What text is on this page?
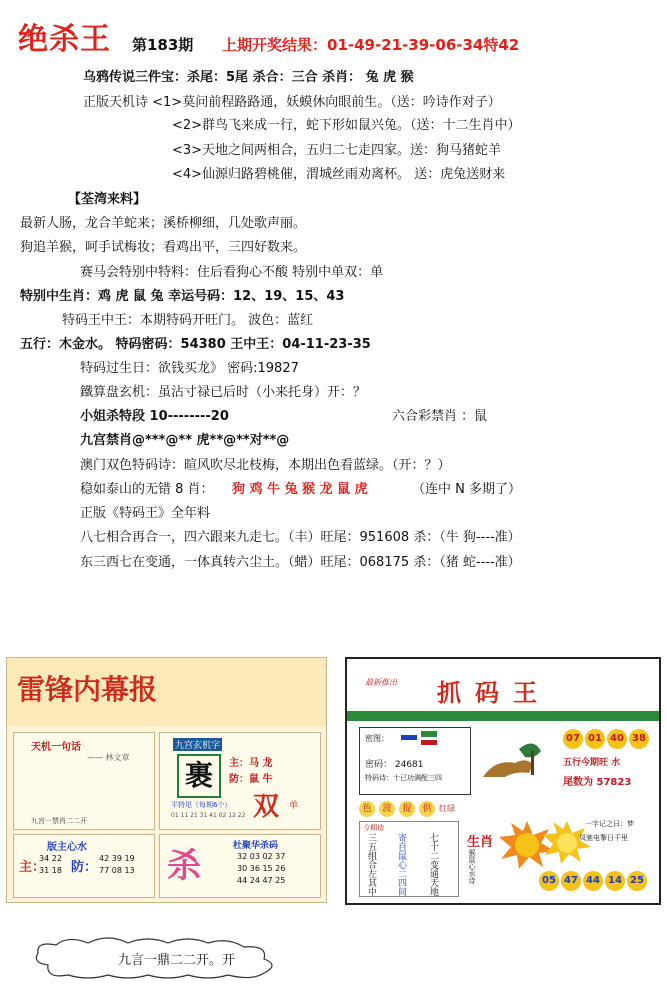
绝杀王 第183期 上期开奖结果：01-49-21-39-06-34特42
乌鸦传说三件宝：杀尾：5尾 杀合：三合 杀肖： 兔 虎 猴
正版天机诗 <1>莫问前程路路通，妖蟆休向眼前生。（送：吟诗作对子）
<2>群鸟飞来成一行，蛇下形如鼠兴兔。（送：十二生肖中）
<3>天地之间两相合，五归二七走四家。送：狗马猪蛇羊
<4>仙源归路碧桃催，渭城丝雨劝离杯。 送：虎兔送财来
【荃湾来料】
最新人肠，龙合羊蛇来；溪桥柳细，几处歌声丽。
狗追羊猴，呵手试梅妆；看鸡出平，三四好数来。
赛马会特别中特料：住后看狗心不酸 特别中单双：单
特别中生肖：鸡 虎 鼠 兔 幸运号码：12、19、15、43
特码王中王：本期特码开旺门。 波色：蓝红
五行：木金水。 特码密码：54380 王中王：04-11-23-35
特码过生日：欲钱买龙》 密码:19827
鐵算盘玄机：虽沾寸禄已后时（小来托身）开：？
小姐杀特段 10--------20	六合彩禁肖 ：鼠
九宫禁肖@***@** 虎**@**对**@
澳门双色特码诗：暄风吹尽北枝梅，本期出色看蓝绿。（开：？）
稳如泰山的无错 8 肖： 狗 鸡 牛 兔 猴 龙 鼠 虎	（连中 N 多期了）
正版《特码王》全年料
八七相合再合一，四六跟来九走七。（丰）旺尾：951608 杀：（牛 狗----准）
东三西七在变通，一体真转六尘土。（蜡）旺尾：068175 杀：（猪 蛇----准）
雷锋内幕报
天机一句话
—— 林文章
九宫一禁肖二二开
版主心水
主：
34 22
31 18 防：
42 39 19
77 08 13
九宫玄机字
裹	主：马 龙
防：鼠 牛
双 单
平特尾（每期6个）
01 11 21 31 41 02 12 22
杀	杜聚华杀码
32 03 02 37
30 36 15 26
44 24 47 25
最新推出 抓码王
密图：
密码： 24681
特码诗：十已功满配三四
07 01 40 38
五行今期旺 水
尾数为 57823
色	波	提	供 红绿
今期诗
三五组合左其中 寄自鼠心二四间 七十二变通天地 生肖
猴鼠心水诗
一字记之曰：梦
凤驰电掣日千里
05 47 44 14 25
九言一鼎二二开。开
